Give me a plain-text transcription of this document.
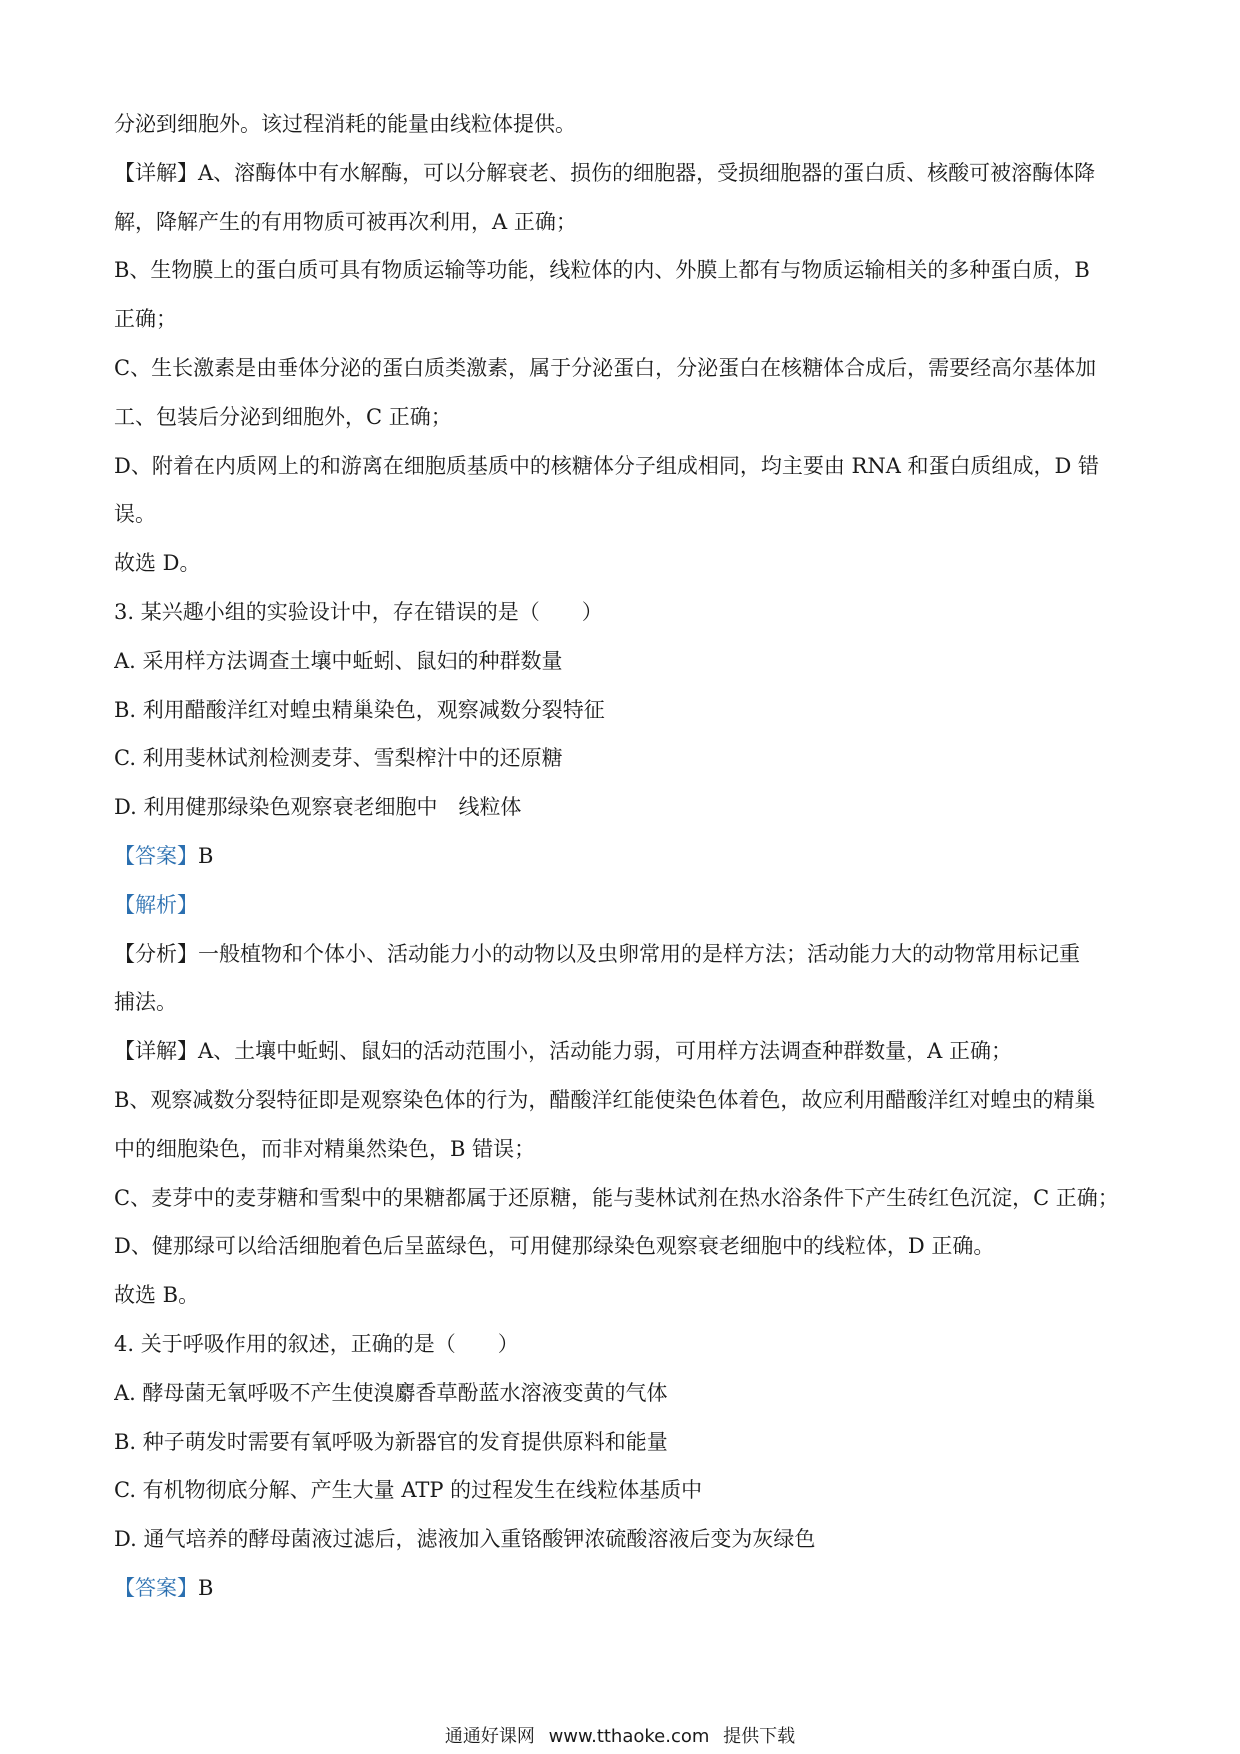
分泌到细胞外。该过程消耗的能量由线粒体提供。
【详解】A、溶酶体中有水解酶，可以分解衰老、损伤的细胞器，受损细胞器的蛋白质、核酸可被溶酶体降
解，降解产生的有用物质可被再次利用，A 正确；
B、生物膜上的蛋白质可具有物质运输等功能，线粒体的内、外膜上都有与物质运输相关的多种蛋白质，B
正确；
C、生长激素是由垂体分泌的蛋白质类激素，属于分泌蛋白，分泌蛋白在核糖体合成后，需要经高尔基体加
工、包装后分泌到细胞外，C 正确；
D、附着在内质网上的和游离在细胞质基质中的核糖体分子组成相同，均主要由 RNA 和蛋白质组成，D 错
误。
故选 D。
3. 某兴趣小组的实验设计中，存在错误的是（　　）
A. 采用样方法调查土壤中蚯蚓、鼠妇的种群数量
B. 利用醋酸洋红对蝗虫精巢染色，观察减数分裂特征
C. 利用斐林试剂检测麦芽、雪梨榨汁中的还原糖
D. 利用健那绿染色观察衰老细胞中　线粒体
【答案】B
【解析】
【分析】一般植物和个体小、活动能力小的动物以及虫卵常用的是样方法；活动能力大的动物常用标记重
捕法。
【详解】A、土壤中蚯蚓、鼠妇的活动范围小，活动能力弱，可用样方法调查种群数量，A 正确；
B、观察减数分裂特征即是观察染色体的行为，醋酸洋红能使染色体着色，故应利用醋酸洋红对蝗虫的精巢
中的细胞染色，而非对精巢然染色，B 错误；
C、麦芽中的麦芽糖和雪梨中的果糖都属于还原糖，能与斐林试剂在热水浴条件下产生砖红色沉淀，C 正确；
D、健那绿可以给活细胞着色后呈蓝绿色，可用健那绿染色观察衰老细胞中的线粒体，D 正确。
故选 B。
4. 关于呼吸作用的叙述，正确的是（　　）
A. 酵母菌无氧呼吸不产生使溴麝香草酚蓝水溶液变黄的气体
B. 种子萌发时需要有氧呼吸为新器官的发育提供原料和能量
C. 有机物彻底分解、产生大量 ATP 的过程发生在线粒体基质中
D. 通气培养的酵母菌液过滤后，滤液加入重铬酸钾浓硫酸溶液后变为灰绿色
【答案】B
通通好课网 www.tthaoke.com 提供下载
